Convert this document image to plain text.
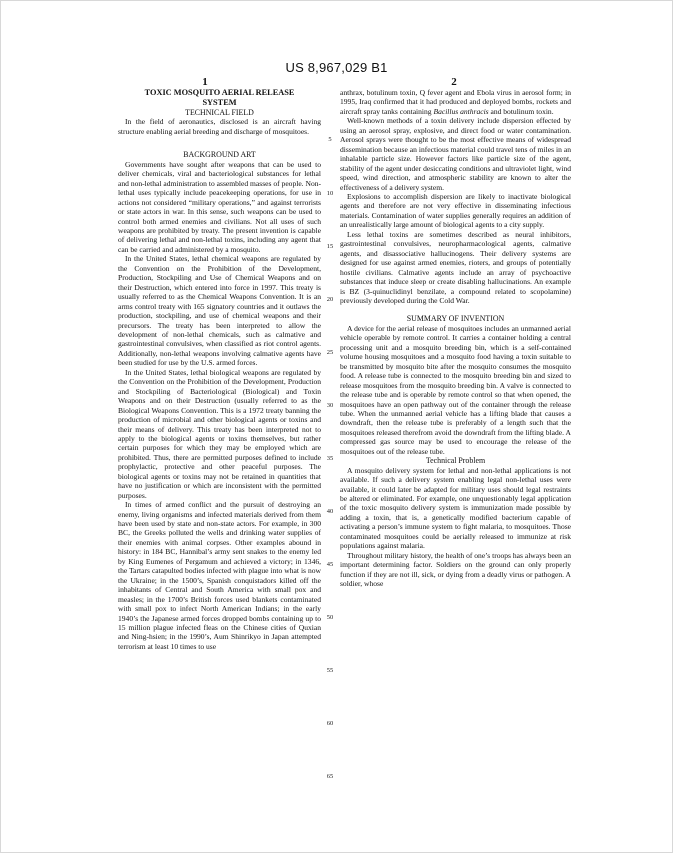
US 8,967,029 B1
1	2

TOXIC MOSQUITO AERIAL RELEASE
SYSTEM

TECHNICAL FIELD

In the field of aeronautics, disclosed is an aircraft having structure enabling aerial breeding and discharge of mosquitoes.

BACKGROUND ART

Governments have sought after weapons that can be used to deliver chemicals, viral and bacteriological substances for lethal and non-lethal administration to assembled masses of people. Non-lethal uses typically include peacekeeping operations, for use in actions not considered “military operations,” and against terrorists or state actors in war. In this sense, such weapons can be used to control both armed enemies and civilians. Not all uses of such weapons are prohibited by treaty. The present invention is capable of delivering lethal and non-lethal toxins, including any agent that can be carried and administered by a mosquito.

In the United States, lethal chemical weapons are regulated by the Convention on the Prohibition of the Development, Production, Stockpiling and Use of Chemical Weapons and on their Destruction, which entered into force in 1997. This treaty is usually referred to as the Chemical Weapons Convention. It is an arms control treaty with 165 signatory countries and it outlaws the production, stockpiling, and use of chemical weapons and their precursors. The treaty has been interpreted to allow the development of non-lethal chemicals, such as calmative and gastrointestinal convulsives, when classified as riot control agents. Additionally, non-lethal weapons involving calmative agents have been studied for use by the U.S. armed forces.

In the United States, lethal biological weapons are regulated by the Convention on the Prohibition of the Development, Production and Stockpiling of Bacteriological (Biological) and Toxin Weapons and on their Destruction (usually referred to as the Biological Weapons Convention. This is a 1972 treaty banning the production of microbial and other biological agents or toxins and their means of delivery. This treaty has been interpreted not to apply to the biological agents or toxins themselves, but rather certain purposes for which they may be employed which are prohibited. Thus, there are permitted purposes defined to include prophylactic, protective and other peaceful purposes. The biological agents or toxins may not be retained in quantities that have no justification or which are inconsistent with the permitted purposes.

In times of armed conflict and the pursuit of destroying an enemy, living organisms and infected materials derived from them have been used by state and non-state actors. For example, in 300 BC, the Greeks polluted the wells and drinking water supplies of their enemies with animal corpses. Other examples abound in history: in 184 BC, Hannibal’s army sent snakes to the enemy led by King Eumenes of Pergamum and achieved a victory; in 1346, the Tartars catapulted bodies infected with plague into what is now the Ukraine; in the 1500’s, Spanish conquistadors killed off the inhabitants of Central and South America with small pox and measles; in the 1700’s British forces used blankets contaminated with small pox to infect North American Indians; in the early 1940’s the Japanese armed forces dropped bombs containing up to 15 million plague infected fleas on the Chinese cities of Quxian and Ning-hsien; in the 1990’s, Aum Shinrikyo in Japan attempted terrorism at least 10 times to use

5
10
15
20
25
30
35
40
45
50
55
60
65

anthrax, botulinum toxin, Q fever agent and Ebola virus in aerosol form; in 1995, Iraq confirmed that it had produced and deployed bombs, rockets and aircraft spray tanks containing Bacillus anthracis and botulinum toxin.

Well-known methods of a toxin delivery include dispersion effected by using an aerosol spray, explosive, and direct food or water contamination. Aerosol sprays were thought to be the most effective means of widespread dissemination because an infectious material could travel tens of miles in an inhalable particle size. However factors like particle size of the agent, stability of the agent under desiccating conditions and ultraviolet light, wind speed, wind direction, and atmospheric stability are known to alter the effectiveness of a delivery system.

Explosions to accomplish dispersion are likely to inactivate biological agents and therefore are not very effective in disseminating infectious materials. Contamination of water supplies generally requires an addition of an unrealistically large amount of biological agents to a city supply.

Less lethal toxins are sometimes described as neural inhibitors, gastrointestinal convulsives, neuropharmacological agents, calmative agents, and disassociative hallucinogens. Their delivery systems are designed for use against armed enemies, rioters, and groups of potentially hostile civilians. Calmative agents include an array of psychoactive substances that induce sleep or create disabling hallucinations. An example is BZ (3-quinuclidinyl benzilate, a compound related to scopolamine) previously developed during the Cold War.

SUMMARY OF INVENTION

A device for the aerial release of mosquitoes includes an unmanned aerial vehicle operable by remote control. It carries a container holding a central processing unit and a mosquito breeding bin, which is a self-contained volume housing mosquitoes and a mosquito food having a toxin suitable to be transmitted by mosquito bite after the mosquito consumes the mosquito food. A release tube is connected to the mosquito breeding bin and sized to release mosquitoes from the mosquito breeding bin. A valve is connected to the release tube and is operable by remote control so that when opened, the mosquitoes have an open pathway out of the container through the release tube. When the unmanned aerial vehicle has a lifting blade that causes a downdraft, then the release tube is preferably of a length such that the mosquitoes released therefrom avoid the downdraft from the lifting blade. A compressed gas source may be used to encourage the release of the mosquitoes out of the release tube.

Technical Problem

A mosquito delivery system for lethal and non-lethal applications is not available. If such a delivery system enabling legal non-lethal uses were available, it could later be adapted for military uses should legal restraints be altered or eliminated. For example, one unquestionably legal application of the toxic mosquito delivery system is immunization made possible by adding a toxin, that is, a genetically modified bacterium capable of activating a person’s immune system to fight malaria, to mosquitoes. Those contaminated mosquitoes could be aerially released to immunize at risk populations against malaria.

Throughout military history, the health of one’s troops has always been an important determining factor. Soldiers on the ground can only properly function if they are not ill, sick, or dying from a deadly virus or pathogen. A soldier, whose
